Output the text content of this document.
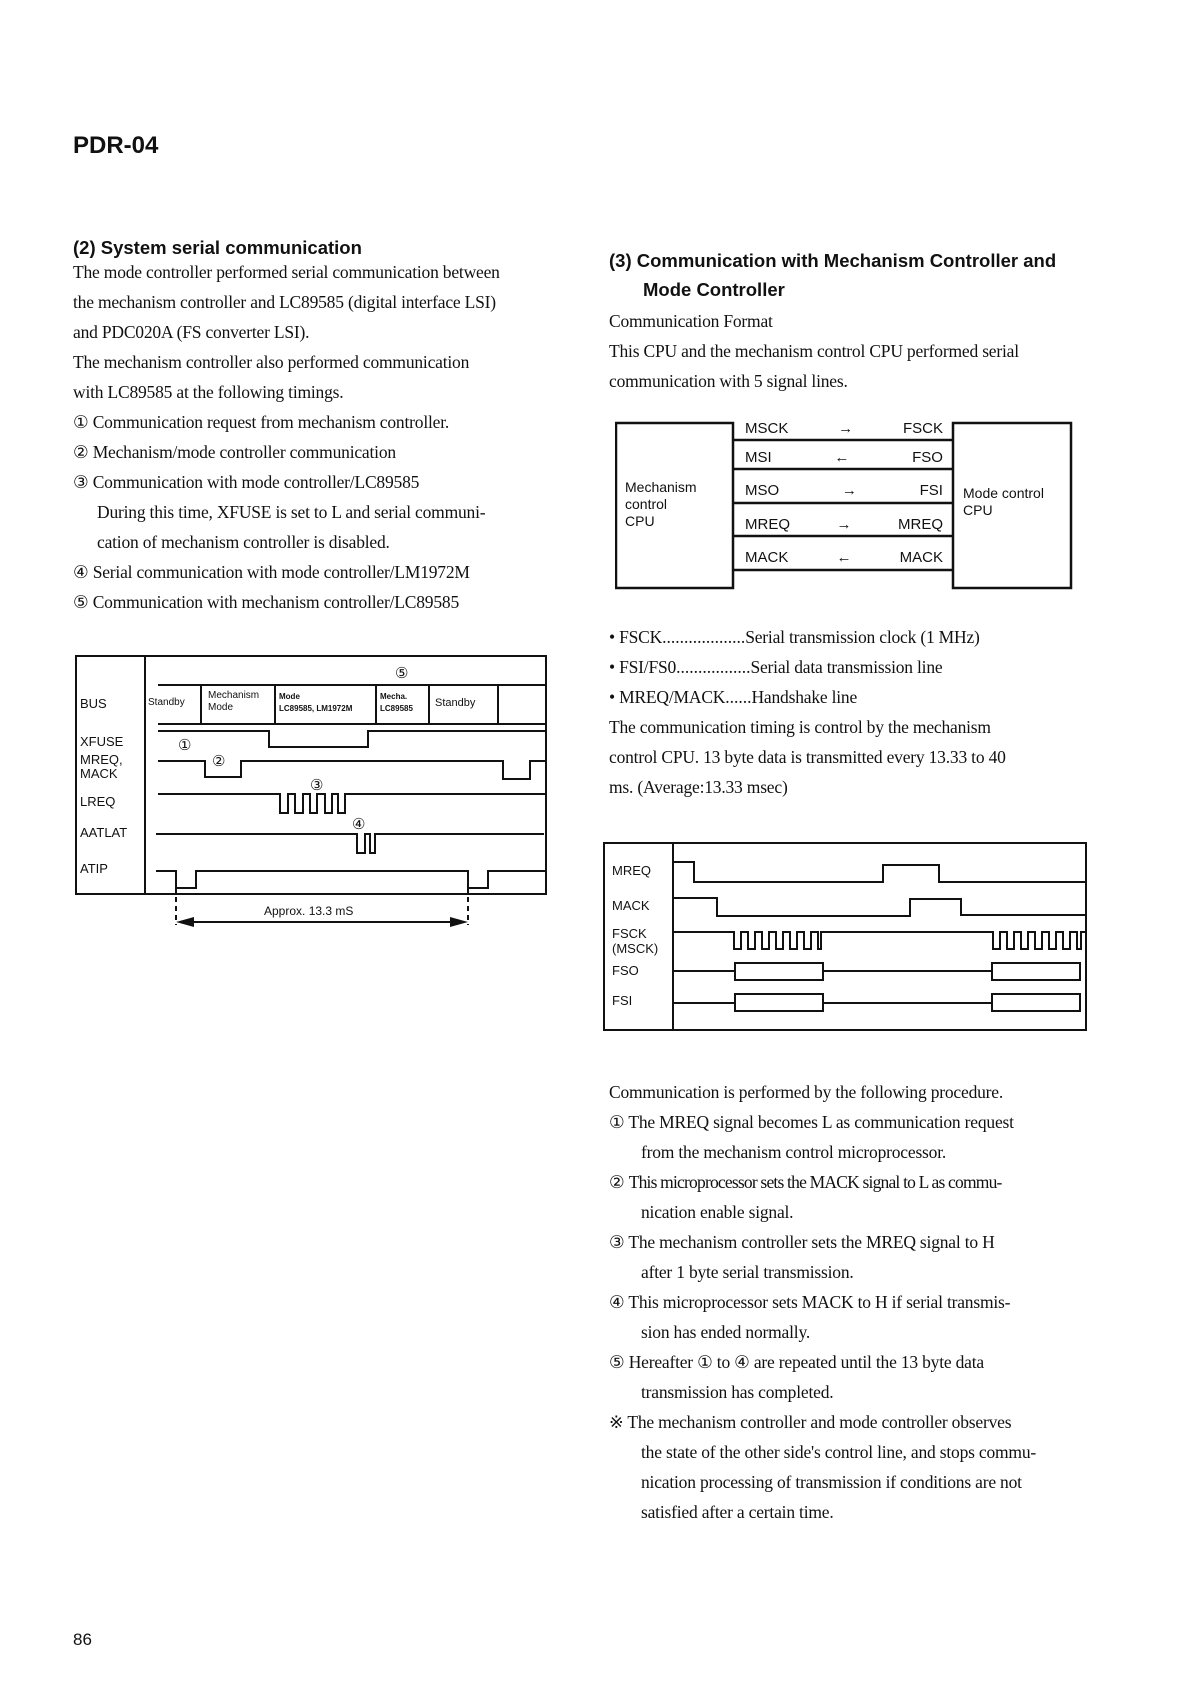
PDR-04
(2) System serial communication
The mode controller performed serial communication between
the mechanism controller and LC89585 (digital interface LSI)
and PDC020A (FS converter LSI).
The mechanism controller also performed communication
with LC89585 at the following timings.
① Communication request from mechanism controller.
② Mechanism/mode controller communication
③ Communication with mode controller/LC89585
During this time, XFUSE is set to L and serial communi-
cation of mechanism controller is disabled.
④ Serial communication with mode controller/LM1972M
⑤ Communication with mechanism controller/LC89585
BUS
XFUSE
MREQ,
MACK
LREQ
AATLAT
ATIP
Standby
Mechanism
Mode
Mode
LC89585, LM1972M
Mecha.
LC89585 Standby
①
②
③
④
⑤
Approx. 13.3 mS
(3) Communication with Mechanism Controller and
Mode Controller
Communication Format
This CPU and the mechanism control CPU performed serial
communication with 5 signal lines.
Mechanism
control
CPU
Mode control
CPU
MSCK	→	FSCK
MSI	←	FSO
MSO	→	FSI
MREQ	→	MREQ
MACK	←	MACK
• FSCK ................... Serial transmission clock (1 MHz)
• FSI/FS0 ................. Serial data transmission line
• MREQ/MACK ...... Handshake line
The communication timing is control by the mechanism
control CPU. 13 byte data is transmitted every 13.33 to 40
ms. (Average:13.33 msec)
MREQ
MACK
FSCK
(MSCK)
FSO
FSI
Communication is performed by the following procedure.
① The MREQ signal becomes L as communication request
from the mechanism control microprocessor.
② This microprocessor sets the MACK signal to L as commu-
nication enable signal.
③ The mechanism controller sets the MREQ signal to H
after 1 byte serial transmission.
④ This microprocessor sets MACK to H if serial transmis-
sion has ended normally.
⑤ Hereafter ① to ④ are repeated until the 13 byte data
transmission has completed.
※ The mechanism controller and mode controller observes
the state of the other side's control line, and stops commu-
nication processing of transmission if conditions are not
satisfied after a certain time.
86
